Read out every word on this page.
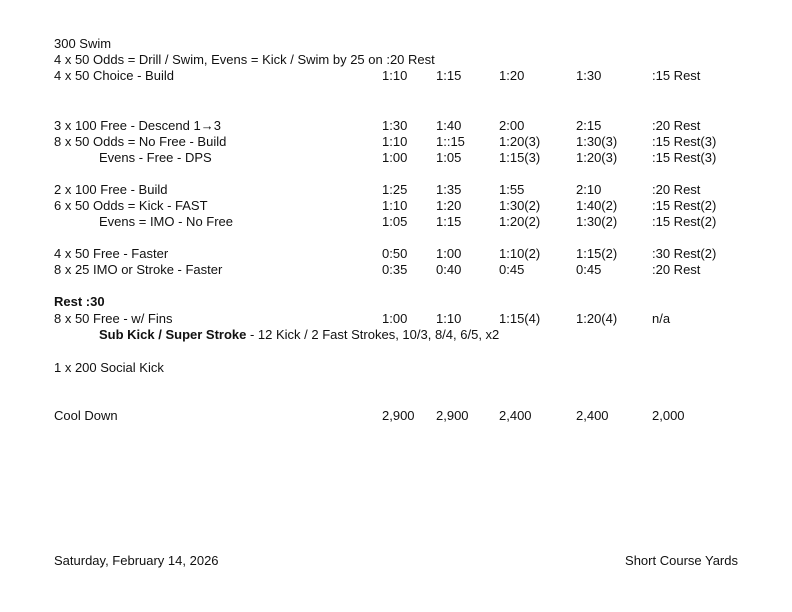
300 Swim
4 x 50 Odds = Drill / Swim, Evens = Kick / Swim by 25 on :20 Rest
4 x 50 Choice - Build	1:10 1:15	1:20	1:30	:15 Rest
3 x 100 Free - Descend 1→3	1:30 1:40	2:00	2:15	:20 Rest
8 x 50 Odds = No Free - Build	1:10 1::15	1:20(3)	1:30(3)	:15 Rest(3)
Evens - Free - DPS	1:00 1:05	1:15(3)	1:20(3)	:15 Rest(3)
2 x 100 Free - Build	1:25 1:35	1:55	2:10	:20 Rest
6 x 50 Odds = Kick - FAST	1:10 1:20	1:30(2)	1:40(2)	:15 Rest(2)
Evens = IMO - No Free	1:05 1:15	1:20(2)	1:30(2)	:15 Rest(2)
4 x 50 Free - Faster	0:50 1:00	1:10(2)	1:15(2)	:30 Rest(2)
8 x 25 IMO or Stroke - Faster	0:35 0:40	0:45	0:45	:20 Rest
Rest :30
8 x 50 Free - w/ Fins	1:00 1:10	1:15(4)	1:20(4)	n/a
Sub Kick / Super Stroke - 12 Kick / 2 Fast Strokes, 10/3, 8/4, 6/5, x2
1 x 200 Social Kick
Cool Down	2,900 2,900 2,400	2,400	2,000
Saturday, February 14, 2026	Short Course Yards
